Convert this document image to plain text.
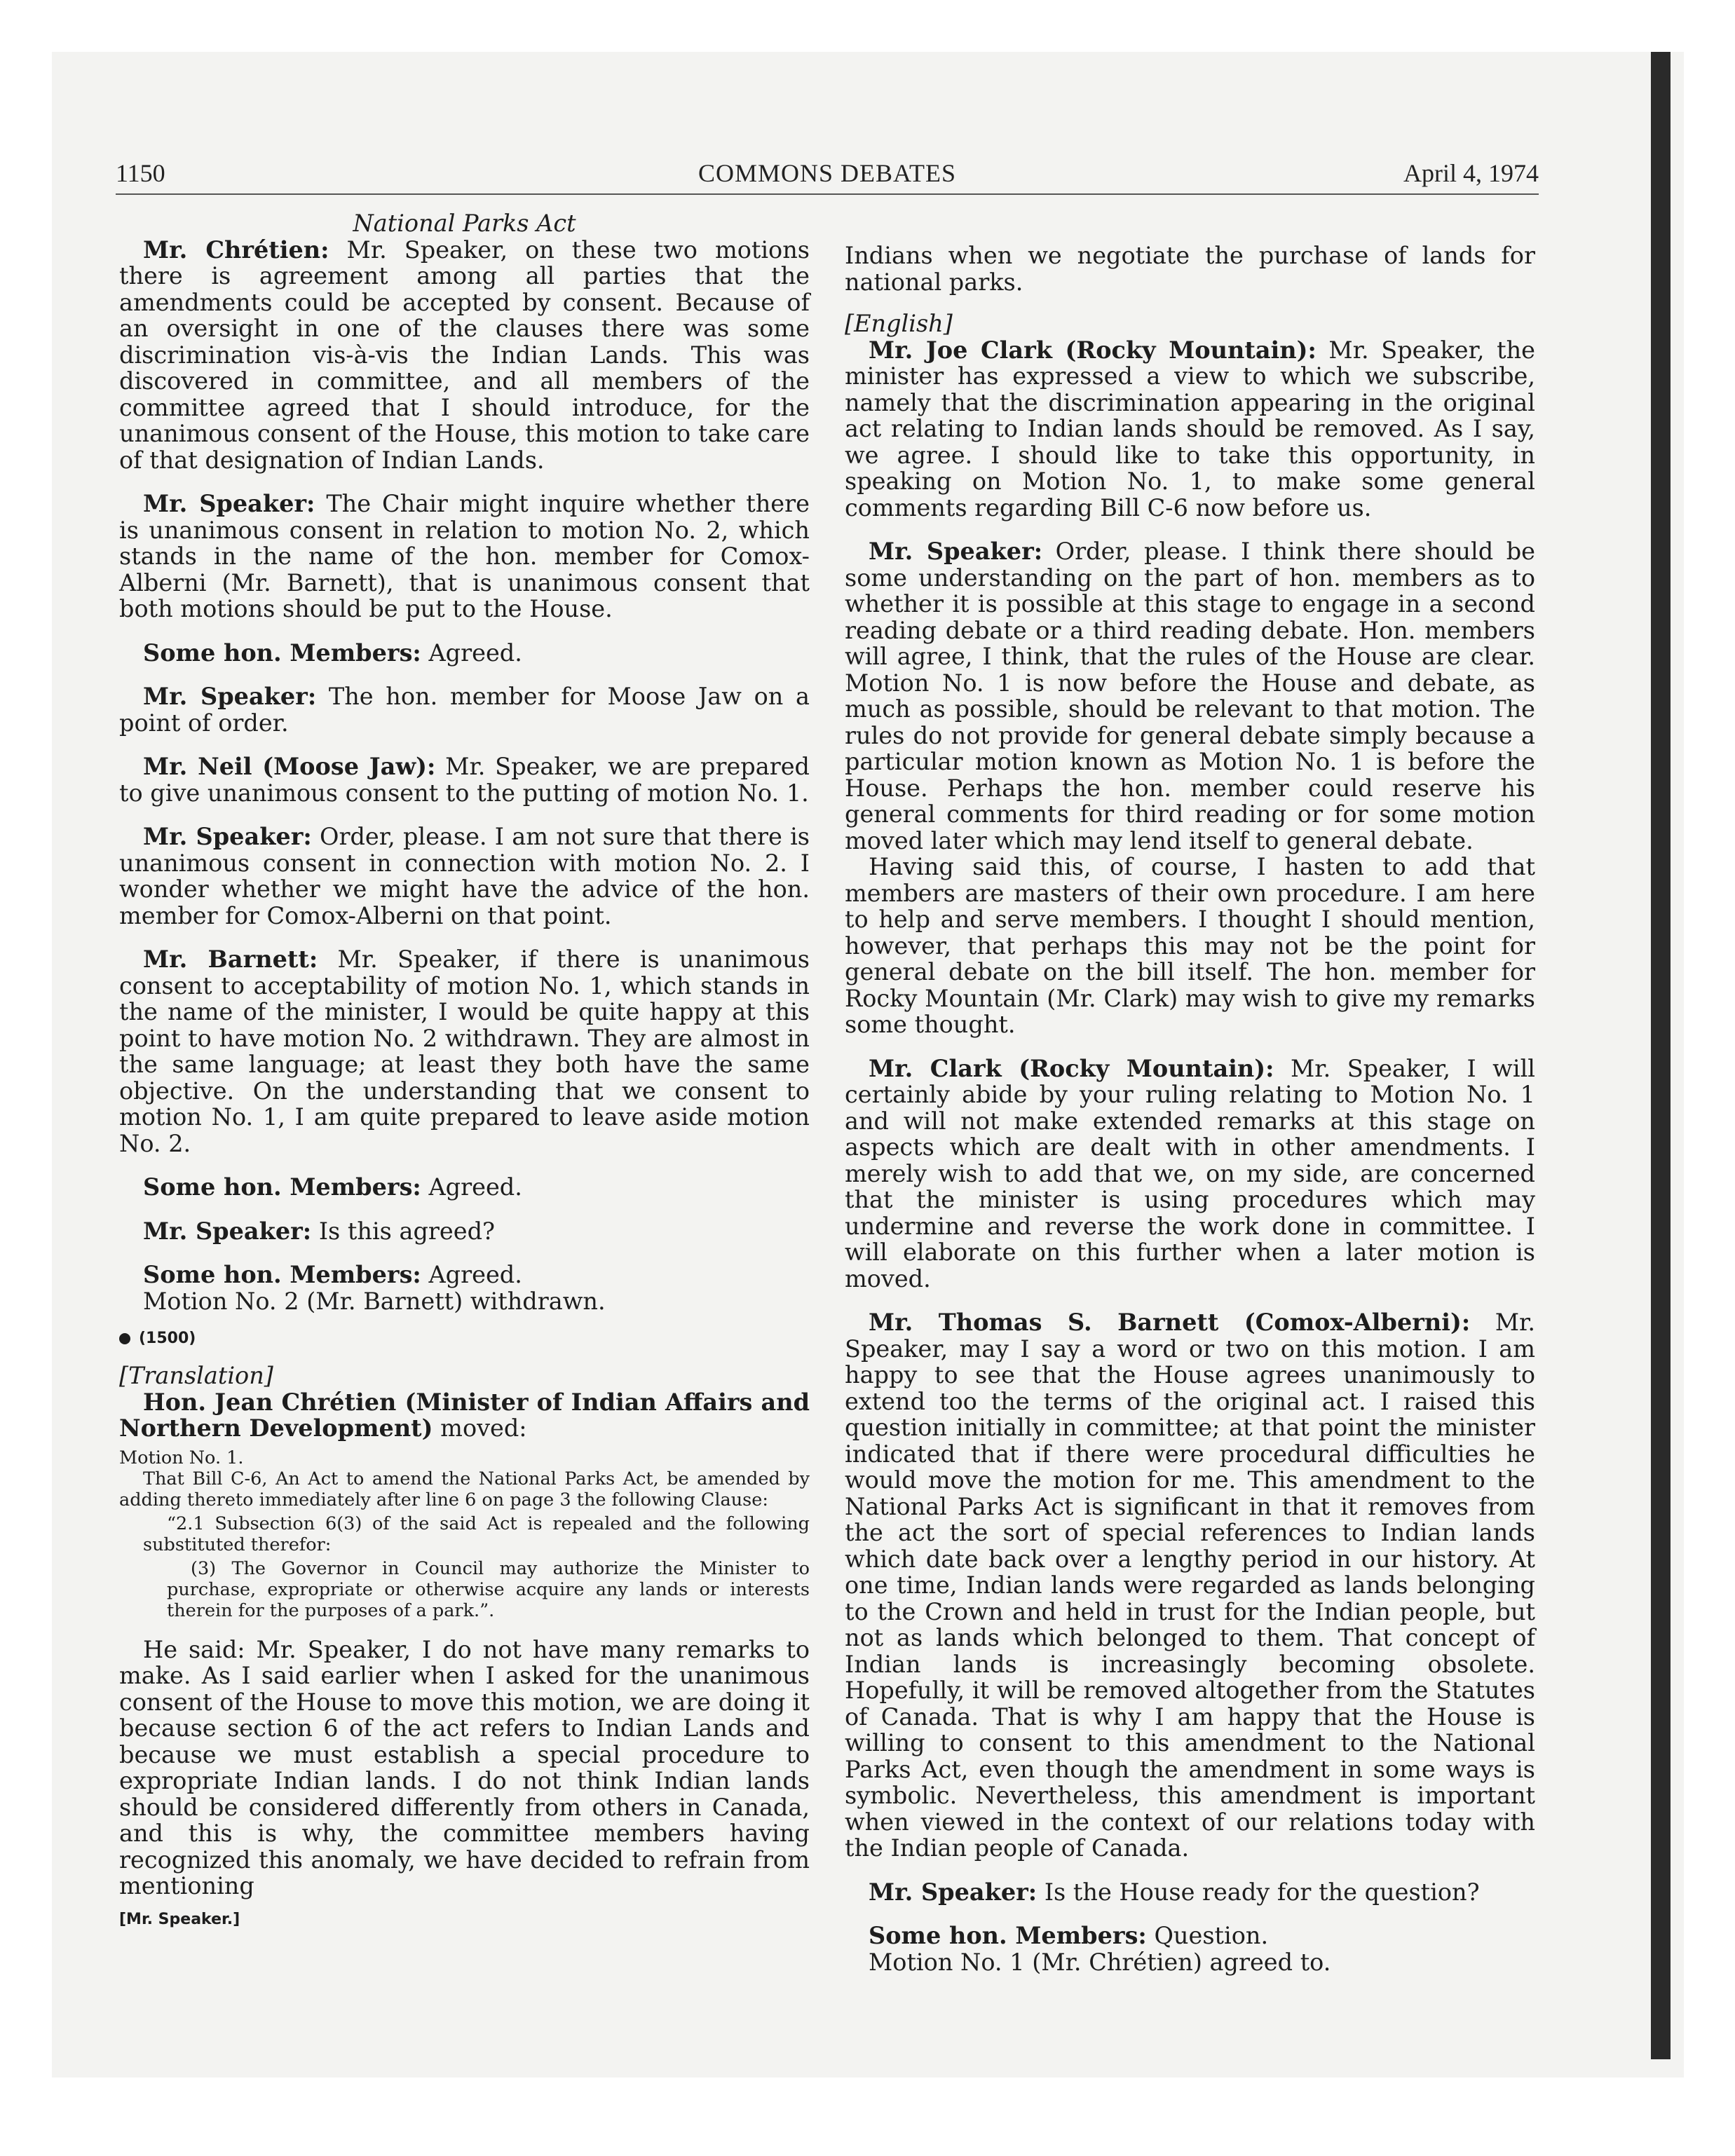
1150	COMMONS DEBATES	April 4, 1974
National Parks Act

Mr. Chrétien: Mr. Speaker, on these two motions there is agreement among all parties that the amendments could be accepted by consent. Because of an oversight in one of the clauses there was some discrimination vis-à-vis the Indian Lands. This was discovered in committee, and all members of the committee agreed that I should introduce, for the unanimous consent of the House, this motion to take care of that designation of Indian Lands.

Mr. Speaker: The Chair might inquire whether there is unanimous consent in relation to motion No. 2, which stands in the name of the hon. member for Comox-Alberni (Mr. Barnett), that is unanimous consent that both motions should be put to the House.

Some hon. Members: Agreed.

Mr. Speaker: The hon. member for Moose Jaw on a point of order.

Mr. Neil (Moose Jaw): Mr. Speaker, we are prepared to give unanimous consent to the putting of motion No. 1.

Mr. Speaker: Order, please. I am not sure that there is unanimous consent in connection with motion No. 2. I wonder whether we might have the advice of the hon. member for Comox-Alberni on that point.

Mr. Barnett: Mr. Speaker, if there is unanimous consent to acceptability of motion No. 1, which stands in the name of the minister, I would be quite happy at this point to have motion No. 2 withdrawn. They are almost in the same language; at least they both have the same objective. On the understanding that we consent to motion No. 1, I am quite prepared to leave aside motion No. 2.

Some hon. Members: Agreed.

Mr. Speaker: Is this agreed?

Some hon. Members: Agreed.

Motion No. 2 (Mr. Barnett) withdrawn.

(1500)
[Translation]

Hon. Jean Chrétien (Minister of Indian Affairs and Northern Development) moved:

Motion No. 1.
That Bill C-6, An Act to amend the National Parks Act, be amended by adding thereto immediately after line 6 on page 3 the following Clause:
“2.1 Subsection 6(3) of the said Act is repealed and the following substituted therefor:
(3) The Governor in Council may authorize the Minister to purchase, expropriate or otherwise acquire any lands or interests therein for the purposes of a park.”.

He said: Mr. Speaker, I do not have many remarks to make. As I said earlier when I asked for the unanimous consent of the House to move this motion, we are doing it because section 6 of the act refers to Indian Lands and because we must establish a special procedure to expropriate Indian lands. I do not think Indian lands should be considered differently from others in Canada, and this is why, the committee members having recognized this anomaly, we have decided to refrain from mentioning

[Mr. Speaker.]

Indians when we negotiate the purchase of lands for national parks.

[English]

Mr. Joe Clark (Rocky Mountain): Mr. Speaker, the minister has expressed a view to which we subscribe, namely that the discrimination appearing in the original act relating to Indian lands should be removed. As I say, we agree. I should like to take this opportunity, in speaking on Motion No. 1, to make some general comments regarding Bill C-6 now before us.

Mr. Speaker: Order, please. I think there should be some understanding on the part of hon. members as to whether it is possible at this stage to engage in a second reading debate or a third reading debate. Hon. members will agree, I think, that the rules of the House are clear. Motion No. 1 is now before the House and debate, as much as possible, should be relevant to that motion. The rules do not provide for general debate simply because a particular motion known as Motion No. 1 is before the House. Perhaps the hon. member could reserve his general comments for third reading or for some motion moved later which may lend itself to general debate.

Having said this, of course, I hasten to add that members are masters of their own procedure. I am here to help and serve members. I thought I should mention, however, that perhaps this may not be the point for general debate on the bill itself. The hon. member for Rocky Mountain (Mr. Clark) may wish to give my remarks some thought.

Mr. Clark (Rocky Mountain): Mr. Speaker, I will certainly abide by your ruling relating to Motion No. 1 and will not make extended remarks at this stage on aspects which are dealt with in other amendments. I merely wish to add that we, on my side, are concerned that the minister is using procedures which may undermine and reverse the work done in committee. I will elaborate on this further when a later motion is moved.

Mr. Thomas S. Barnett (Comox-Alberni): Mr. Speaker, may I say a word or two on this motion. I am happy to see that the House agrees unanimously to extend too the terms of the original act. I raised this question initially in committee; at that point the minister indicated that if there were procedural difficulties he would move the motion for me. This amendment to the National Parks Act is significant in that it removes from the act the sort of special references to Indian lands which date back over a lengthy period in our history. At one time, Indian lands were regarded as lands belonging to the Crown and held in trust for the Indian people, but not as lands which belonged to them. That concept of Indian lands is increasingly becoming obsolete. Hopefully, it will be removed altogether from the Statutes of Canada. That is why I am happy that the House is willing to consent to this amendment to the National Parks Act, even though the amendment in some ways is symbolic. Nevertheless, this amendment is important when viewed in the context of our relations today with the Indian people of Canada.

Mr. Speaker: Is the House ready for the question?

Some hon. Members: Question.

Motion No. 1 (Mr. Chrétien) agreed to.
